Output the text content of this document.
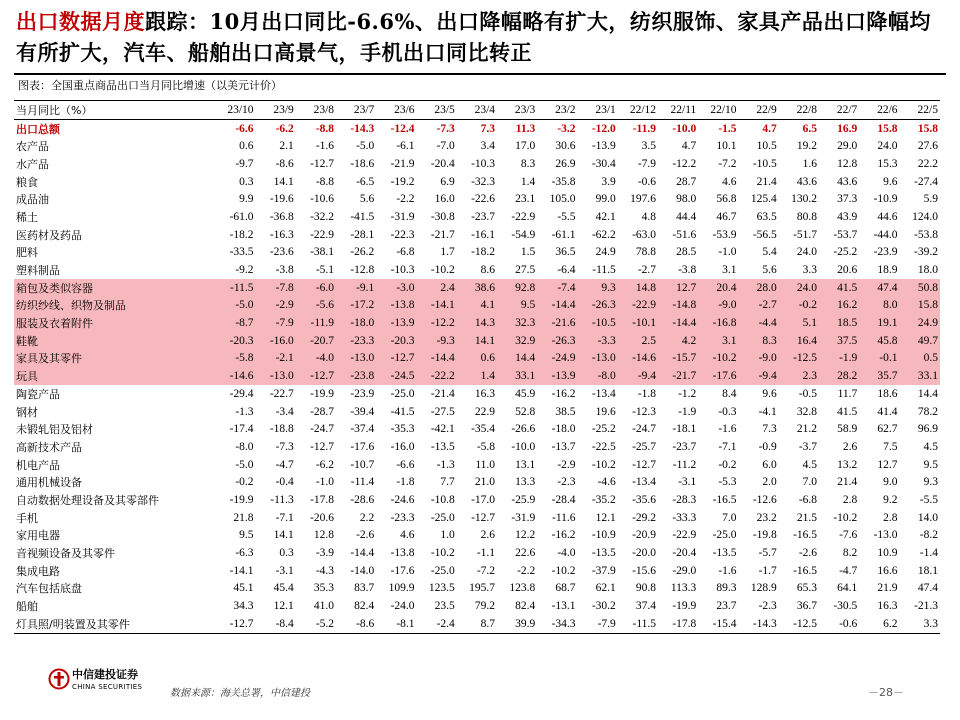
出口数据月度跟踪：10月出口同比-6.6%、出口降幅略有扩大，纺织服饰、家具产品出口降幅均有所扩大，汽车、船舶出口高景气，手机出口同比转正
图表：全国重点商品出口当月同比增速（以美元计价）
当月同比（%）	23/10	23/9	23/8	23/7	23/6	23/5	23/4	23/3	23/2	23/1	22/12	22/11	22/10	22/9	22/8	22/7	22/6	22/5
出口总额	-6.6	-6.2	-8.8	-14.3	-12.4	-7.3	7.3	11.3	-3.2	-12.0	-11.9	-10.0	-1.5	4.7	6.5	16.9	15.8	15.8
农产品	0.6	2.1	-1.6	-5.0	-6.1	-7.0	3.4	17.0	30.6	-13.9	3.5	4.7	10.1	10.5	19.2	29.0	24.0	27.6
水产品	-9.7	-8.6	-12.7	-18.6	-21.9	-20.4	-10.3	8.3	26.9	-30.4	-7.9	-12.2	-7.2	-10.5	1.6	12.8	15.3	22.2
粮食	0.3	14.1	-8.8	-6.5	-19.2	6.9	-32.3	1.4	-35.8	3.9	-0.6	28.7	4.6	21.4	43.6	43.6	9.6	-27.4
成品油	9.9	-19.6	-10.6	5.6	-2.2	16.0	-22.6	23.1	105.0	99.0	197.6	98.0	56.8	125.4	130.2	37.3	-10.9	5.9
稀土	-61.0	-36.8	-32.2	-41.5	-31.9	-30.8	-23.7	-22.9	-5.5	42.1	4.8	44.4	46.7	63.5	80.8	43.9	44.6	124.0
医药材及药品	-18.2	-16.3	-22.9	-28.1	-22.3	-21.7	-16.1	-54.9	-61.1	-62.2	-63.0	-51.6	-53.9	-56.5	-51.7	-53.7	-44.0	-53.8
肥料	-33.5	-23.6	-38.1	-26.2	-6.8	1.7	-18.2	1.5	36.5	24.9	78.8	28.5	-1.0	5.4	24.0	-25.2	-23.9	-39.2
塑料制品	-9.2	-3.8	-5.1	-12.8	-10.3	-10.2	8.6	27.5	-6.4	-11.5	-2.7	-3.8	3.1	5.6	3.3	20.6	18.9	18.0
箱包及类似容器	-11.5	-7.8	-6.0	-9.1	-3.0	2.4	38.6	92.8	-7.4	9.3	14.8	12.7	20.4	28.0	24.0	41.5	47.4	50.8
纺织纱线、织物及制品	-5.0	-2.9	-5.6	-17.2	-13.8	-14.1	4.1	9.5	-14.4	-26.3	-22.9	-14.8	-9.0	-2.7	-0.2	16.2	8.0	15.8
服装及衣着附件	-8.7	-7.9	-11.9	-18.0	-13.9	-12.2	14.3	32.3	-21.6	-10.5	-10.1	-14.4	-16.8	-4.4	5.1	18.5	19.1	24.9
鞋靴	-20.3	-16.0	-20.7	-23.3	-20.3	-9.3	14.1	32.9	-26.3	-3.3	2.5	4.2	3.1	8.3	16.4	37.5	45.8	49.7
家具及其零件	-5.8	-2.1	-4.0	-13.0	-12.7	-14.4	0.6	14.4	-24.9	-13.0	-14.6	-15.7	-10.2	-9.0	-12.5	-1.9	-0.1	0.5
玩具	-14.6	-13.0	-12.7	-23.8	-24.5	-22.2	1.4	33.1	-13.9	-8.0	-9.4	-21.7	-17.6	-9.4	2.3	28.2	35.7	33.1
陶瓷产品	-29.4	-22.7	-19.9	-23.9	-25.0	-21.4	16.3	45.9	-16.2	-13.4	-1.8	-1.2	8.4	9.6	-0.5	11.7	18.6	14.4
钢材	-1.3	-3.4	-28.7	-39.4	-41.5	-27.5	22.9	52.8	38.5	19.6	-12.3	-1.9	-0.3	-4.1	32.8	41.5	41.4	78.2
未锻轧铝及铝材	-17.4	-18.8	-24.7	-37.4	-35.3	-42.1	-35.4	-26.6	-18.0	-25.2	-24.7	-18.1	-1.6	7.3	21.2	58.9	62.7	96.9
高新技术产品	-8.0	-7.3	-12.7	-17.6	-16.0	-13.5	-5.8	-10.0	-13.7	-22.5	-25.7	-23.7	-7.1	-0.9	-3.7	2.6	7.5	4.5
机电产品	-5.0	-4.7	-6.2	-10.7	-6.6	-1.3	11.0	13.1	-2.9	-10.2	-12.7	-11.2	-0.2	6.0	4.5	13.2	12.7	9.5
通用机械设备	-0.2	-0.4	-1.0	-11.4	-1.8	7.7	21.0	13.3	-2.3	-4.6	-13.4	-3.1	-5.3	2.0	7.0	21.4	9.0	9.3
自动数据处理设备及其零部件	-19.9	-11.3	-17.8	-28.6	-24.6	-10.8	-17.0	-25.9	-28.4	-35.2	-35.6	-28.3	-16.5	-12.6	-6.8	2.8	9.2	-5.5
手机	21.8	-7.1	-20.6	2.2	-23.3	-25.0	-12.7	-31.9	-11.6	12.1	-29.2	-33.3	7.0	23.2	21.5	-10.2	2.8	14.0
家用电器	9.5	14.1	12.8	-2.6	4.6	1.0	2.6	12.2	-16.2	-10.9	-20.9	-22.9	-25.0	-19.8	-16.5	-7.6	-13.0	-8.2
音视频设备及其零件	-6.3	0.3	-3.9	-14.4	-13.8	-10.2	-1.1	22.6	-4.0	-13.5	-20.0	-20.4	-13.5	-5.7	-2.6	8.2	10.9	-1.4
集成电路	-14.1	-3.1	-4.3	-14.0	-17.6	-25.0	-7.2	-2.2	-10.2	-37.9	-15.6	-29.0	-1.6	-1.7	-16.5	-4.7	16.6	18.1
汽车包括底盘	45.1	45.4	35.3	83.7	109.9	123.5	195.7	123.8	68.7	62.1	90.8	113.3	89.3	128.9	65.3	64.1	21.9	47.4
船舶	34.3	12.1	41.0	82.4	-24.0	23.5	79.2	82.4	-13.1	-30.2	37.4	-19.9	23.7	-2.3	36.7	-30.5	16.3	-21.3
灯具照/明装置及其零件	-12.7	-8.4	-5.2	-8.6	-8.1	-2.4	8.7	39.9	-34.3	-7.9	-11.5	-17.8	-15.4	-14.3	-12.5	-0.6	6.2	3.3
中信建投证券
CHINA SECURITIES
数据来源：海关总署，中信建投	－28－
